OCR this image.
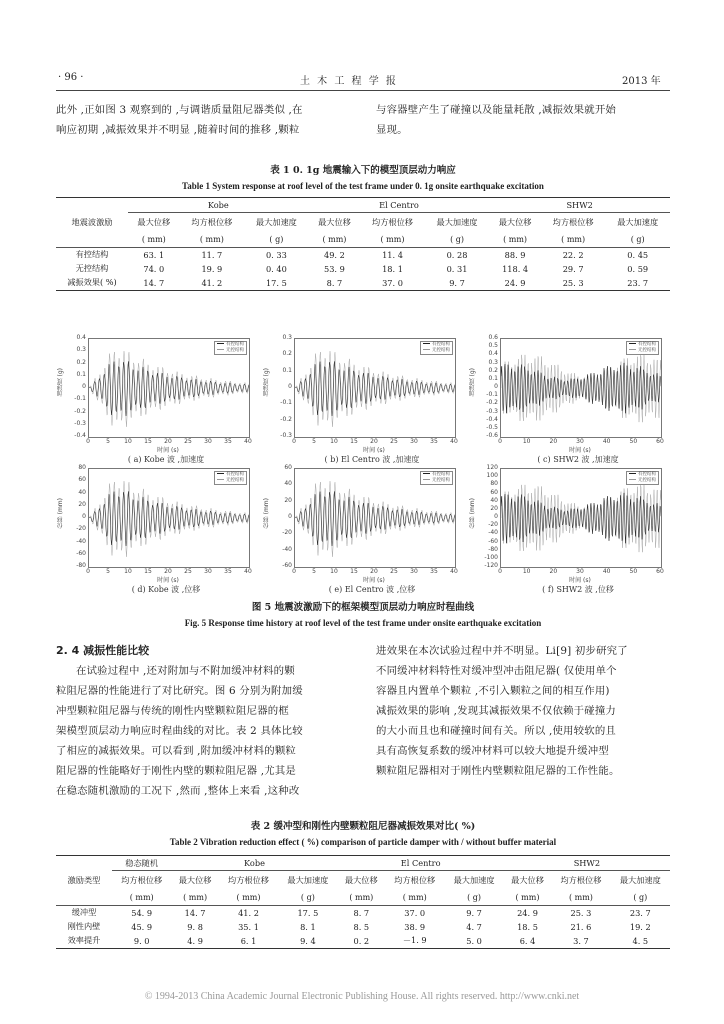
· 96 ·	土 木 工 程 学 报	2013 年

此外 ,正如图 3 观察到的 ,与调谐质量阻尼器类似 ,在

响应初期 ,减振效果并不明显 ,随着时间的推移 ,颗粒

与容器壁产生了碰撞以及能量耗散 ,减振效果就开始

显现。

表 1 0. 1g 地震输入下的模型顶层动力响应
Table 1 System response at roof level of the test frame under 0. 1g onsite earthquake excitation
地震波激励	Kobe			El Centro			SHW2		
	最大位移	均方根位移	最大加速度	最大位移	均方根位移	最大加速度	最大位移	均方根位移	最大加速度
	( mm)	( mm)	( g)	( mm)	( mm)	( g)	( mm)	( mm)	( g)
有控结构	63. 1	11. 7	0. 33	49. 2	11. 4	0. 28	88. 9	22. 2	0. 45
无控结构	74. 0	19. 9	0. 40	53. 9	18. 1	0. 31	118. 4	29. 7	0. 59
减振效果( %)	14. 7	41. 2	17. 5	8. 7	37. 0	9. 7	24. 9	25. 3	23. 7
加速度 (g)
0.4
0.3
0.2
0.1
0
-0.1
-0.2
-0.3
-0.4
0	5	10 15 20 25 30 35 40
时间 (s)
有控结构
无控结构
( a) Kobe 波 ,加速度
加速度 (g)
0.3
0.2
0.1
0
-0.1
-0.2
-0.3
0	5	10 15 20 25 30 35 40
时间 (s)
有控结构
无控结构
( b) El Centro 波 ,加速度
加速度 (g)
0.6
0.5
0.4
0.3
0.2
0.1
0
-0.1
-0.2
-0.3
-0.4
-0.5
-0.6
0	10	20	30	40	50	60
时间 (s)
有控结构
无控结构
( c) SHW2 波 ,加速度
位移 (mm)
80
60
40
20
0
-20
-40
-60
-80
0	5	10 15 20 25 30 35 40
时间 (s)
有控结构
无控结构
( d) Kobe 波 ,位移
位移 (mm)
60
40
20
0
-20
-40
-60
0	5	10 15 20 25 30 35 40
时间 (s)
有控结构
无控结构
( e) El Centro 波 ,位移
位移 (mm)
120
100
80
60
40
20
0
-20
-40
-60
-80
-100
-120
0	10	20	30	40	50	60
时间 (s)
有控结构
无控结构
( f) SHW2 波 ,位移
图 5 地震波激励下的框架模型顶层动力响应时程曲线
Fig. 5 Response time history at roof level of the test frame under onsite earthquake excitation
2. 4 减振性能比较

在试验过程中 ,还对附加与不附加缓冲材料的颗

粒阻尼器的性能进行了对比研究。图 6 分别为附加缓

冲型颗粒阻尼器与传统的刚性内壁颗粒阻尼器的框

架模型顶层动力响应时程曲线的对比。表 2 具体比较

了相应的减振效果。可以看到 ,附加缓冲材料的颗粒

阻尼器的性能略好于刚性内壁的颗粒阻尼器 ,尤其是

在稳态随机激励的工况下 ,然而 ,整体上来看 ,这种改

进效果在本次试验过程中并不明显。Li[9] 初步研究了

不同缓冲材料特性对缓冲型冲击阻尼器( 仅使用单个

容器且内置单个颗粒 ,不引入颗粒之间的相互作用)

减振效果的影响 ,发现其减振效果不仅依赖于碰撞力

的大小而且也和碰撞时间有关。所以 ,使用较软的且

具有高恢复系数的缓冲材料可以较大地提升缓冲型

颗粒阻尼器相对于刚性内壁颗粒阻尼器的工作性能。

表 2 缓冲型和刚性内壁颗粒阻尼器减振效果对比( %)
Table 2 Vibration reduction effect ( %) comparison of particle damper with / without buffer material
激励类型	稳态随机	Kobe			El Centro			SHW2		
	均方根位移	最大位移	均方根位移	最大加速度	最大位移	均方根位移	最大加速度	最大位移	均方根位移	最大加速度
	( mm)	( mm)	( mm)	( g)	( mm)	( mm)	( g)	( mm)	( mm)	( g)
缓冲型	54. 9	14. 7	41. 2	17. 5	8. 7	37. 0	9. 7	24. 9	25. 3	23. 7
刚性内壁	45. 9	9. 8	35. 1	8. 1	8. 5	38. 9	4. 7	18. 5	21. 6	19. 2
效率提升	9. 0	4. 9	6. 1	9. 4	0. 2	－1. 9	5. 0	6. 4	3. 7	4. 5
© 1994-2013 China Academic Journal Electronic Publishing House. All rights reserved. http://www.cnki.net
